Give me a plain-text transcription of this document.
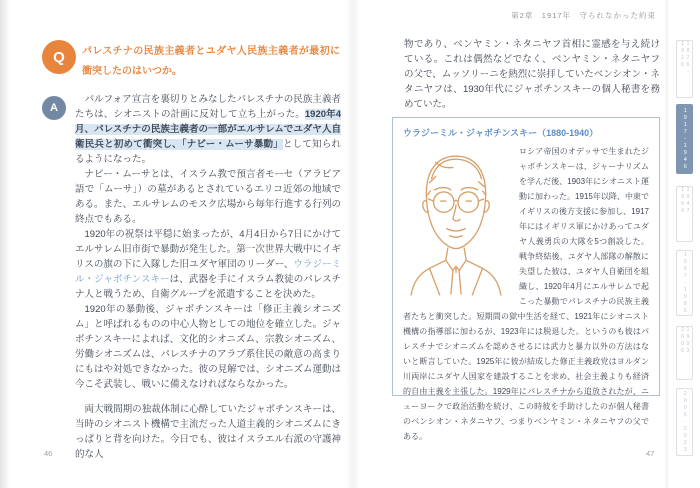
Q パレスチナの民族主義者とユダヤ人民族主義者が最初に衝突したのはいつか。
A

バルフォア宣言を裏切りとみなしたパレスチナの民族主義者たちは、シオニストの計画に反対して立ち上がった。1920年4月、パレスチナの民族主義者の一部がエルサレムでユダヤ人自衛民兵と初めて衝突し、「ナビー・ムーサ暴動」として知られるようになった。

ナビー・ムーサとは、イスラム教で預言者モーセ（アラビア語で「ムーサ」）の墓があるとされているエリコ近郊の地域である。また、エルサレムのモスク広場から毎年行進する行列の終点でもある。

1920年の祝祭は平穏に始まったが、4月4日から7日にかけてエルサレム旧市街で暴動が発生した。第一次世界大戦中にイギリスの旗の下に入隊した旧ユダヤ軍団のリーダー、ウラジーミル・ジャボチンスキーは、武器を手にイスラム教徒のパレスチナ人と戦うため、自衛グループを派遣することを決めた。

1920年の暴動後、ジャボチンスキーは「修正主義シオニズム」と呼ばれるものの中心人物としての地位を確立した。ジャボチンスキーによれば、文化的シオニズム、宗教シオニズム、労働シオニズムは、パレスチナのアラブ系住民の敵意の高まりにもはや対処できなかった。彼の見解では、シオニズム運動は今こそ武装し、戦いに備えなければならなかった。

両大戦間期の独裁体制に心酔していたジャボチンスキーは、当時のシオニスト機構で主流だった人道主義的シオニズムにきっぱりと背を向けた。今日でも、彼はイスラエル右派の守護神的な人

46
第2章　1917年　守られなかった約束
物であり、ベンヤミン・ネタニヤフ首相に霊感を与え続けている。これは偶然などでなく、ベンヤミン・ネタニヤフの父で、ムッソリーニを熱烈に崇拝していたベンシオン・ネタニヤフは、1930年代にジャボチンスキーの個人秘書を務めていた。

ウラジーミル・ジャボチンスキー（1880-1940）

ロシア帝国のオデッサで生まれたジャボチンスキーは、ジャーナリズムを学んだ後、1903年にシオニスト運動に加わった。1915年以降、中東でイギリスの後方支援に参加し、1917年にはイギリス軍にかけあってユダヤ人義勇兵の大隊を5つ創設した。戦争終結後、ユダヤ人部隊の解散に失望した彼は、ユダヤ人自衛団を組織し、1920年4月にエルサレムで起こった暴動でパレスチナの民族主義者たちと衝突した。短期間の獄中生活を経て、1921年にシオニスト機構の指導部に加わるが、1923年には脱退した。というのも彼はパレスチナでシオニズムを認めさせるには武力と暴力以外の方法はないと断言していた。1925年に彼が結成した修正主義政党はヨルダン川両岸にユダヤ人国家を建設することを求め、社会主義よりも経済的自由主義を主張した。1929年にパレスチナから追放されたが、ニューヨークで政治活動を続け、この時彼を手助けしたのが個人秘書のベンシオン・ネタニヤフ、つまりベンヤミン・ネタニヤフの父である。
47
1876-1916
1917-1946
1947-1964
1967-1985
1993-2006
2006-2023
